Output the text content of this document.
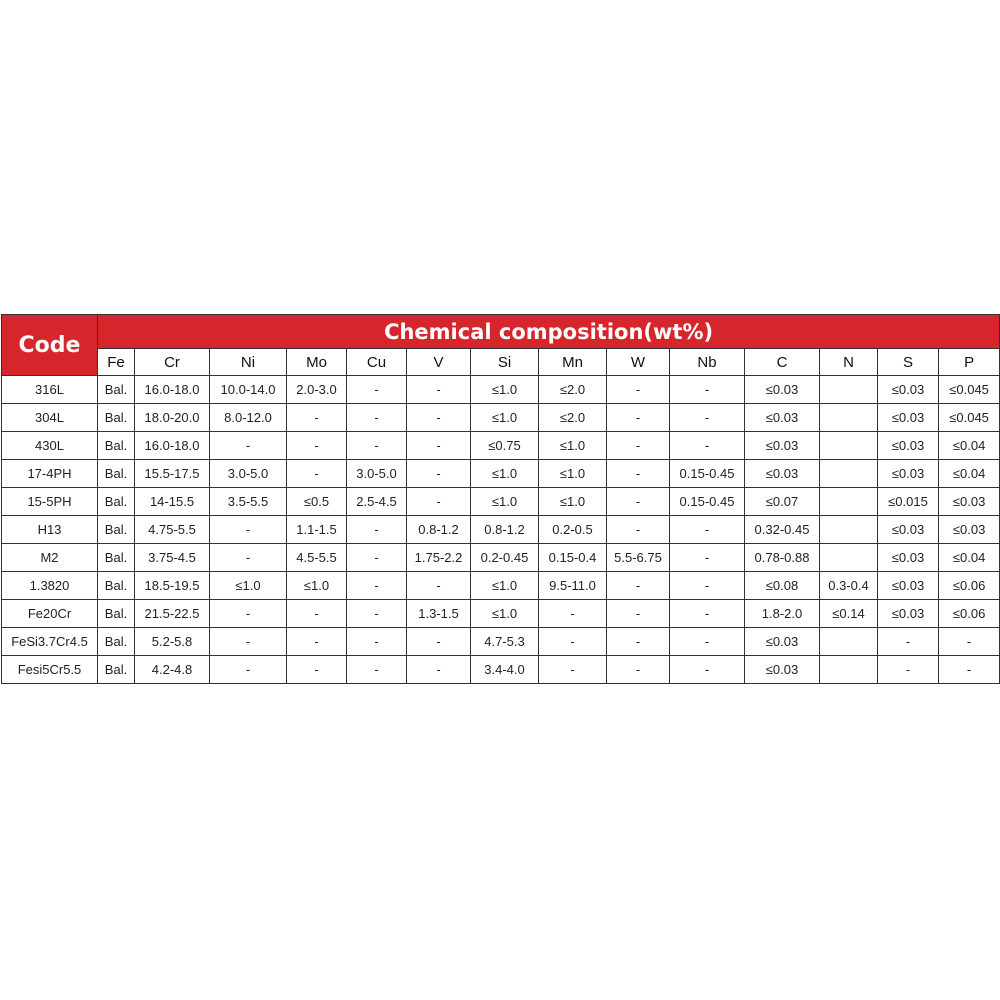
Code	Chemical composition(wt%)													
	Fe	Cr	Ni	Mo	Cu	V	Si	Mn	W	Nb	C	N	S	P
316L	Bal.	16.0-18.0	10.0-14.0	2.0-3.0	-	-	≤1.0	≤2.0	-	-	≤0.03		≤0.03	≤0.045
304L	Bal.	18.0-20.0	8.0-12.0	-	-	-	≤1.0	≤2.0	-	-	≤0.03		≤0.03	≤0.045
430L	Bal.	16.0-18.0	-	-	-	-	≤0.75	≤1.0	-	-	≤0.03		≤0.03	≤0.04
17-4PH	Bal.	15.5-17.5	3.0-5.0	-	3.0-5.0	-	≤1.0	≤1.0	-	0.15-0.45	≤0.03		≤0.03	≤0.04
15-5PH	Bal.	14-15.5	3.5-5.5	≤0.5	2.5-4.5	-	≤1.0	≤1.0	-	0.15-0.45	≤0.07		≤0.015	≤0.03
H13	Bal.	4.75-5.5	-	1.1-1.5	-	0.8-1.2	0.8-1.2	0.2-0.5	-	-	0.32-0.45		≤0.03	≤0.03
M2	Bal.	3.75-4.5	-	4.5-5.5	-	1.75-2.2	0.2-0.45	0.15-0.4	5.5-6.75	-	0.78-0.88		≤0.03	≤0.04
1.3820	Bal.	18.5-19.5	≤1.0	≤1.0	-	-	≤1.0	9.5-11.0	-	-	≤0.08	0.3-0.4	≤0.03	≤0.06
Fe20Cr	Bal.	21.5-22.5	-	-	-	1.3-1.5	≤1.0	-	-	-	1.8-2.0	≤0.14	≤0.03	≤0.06
FeSi3.7Cr4.5	Bal.	5.2-5.8	-	-	-	-	4.7-5.3	-	-	-	≤0.03		-	-
Fesi5Cr5.5	Bal.	4.2-4.8	-	-	-	-	3.4-4.0	-	-	-	≤0.03		-	-
